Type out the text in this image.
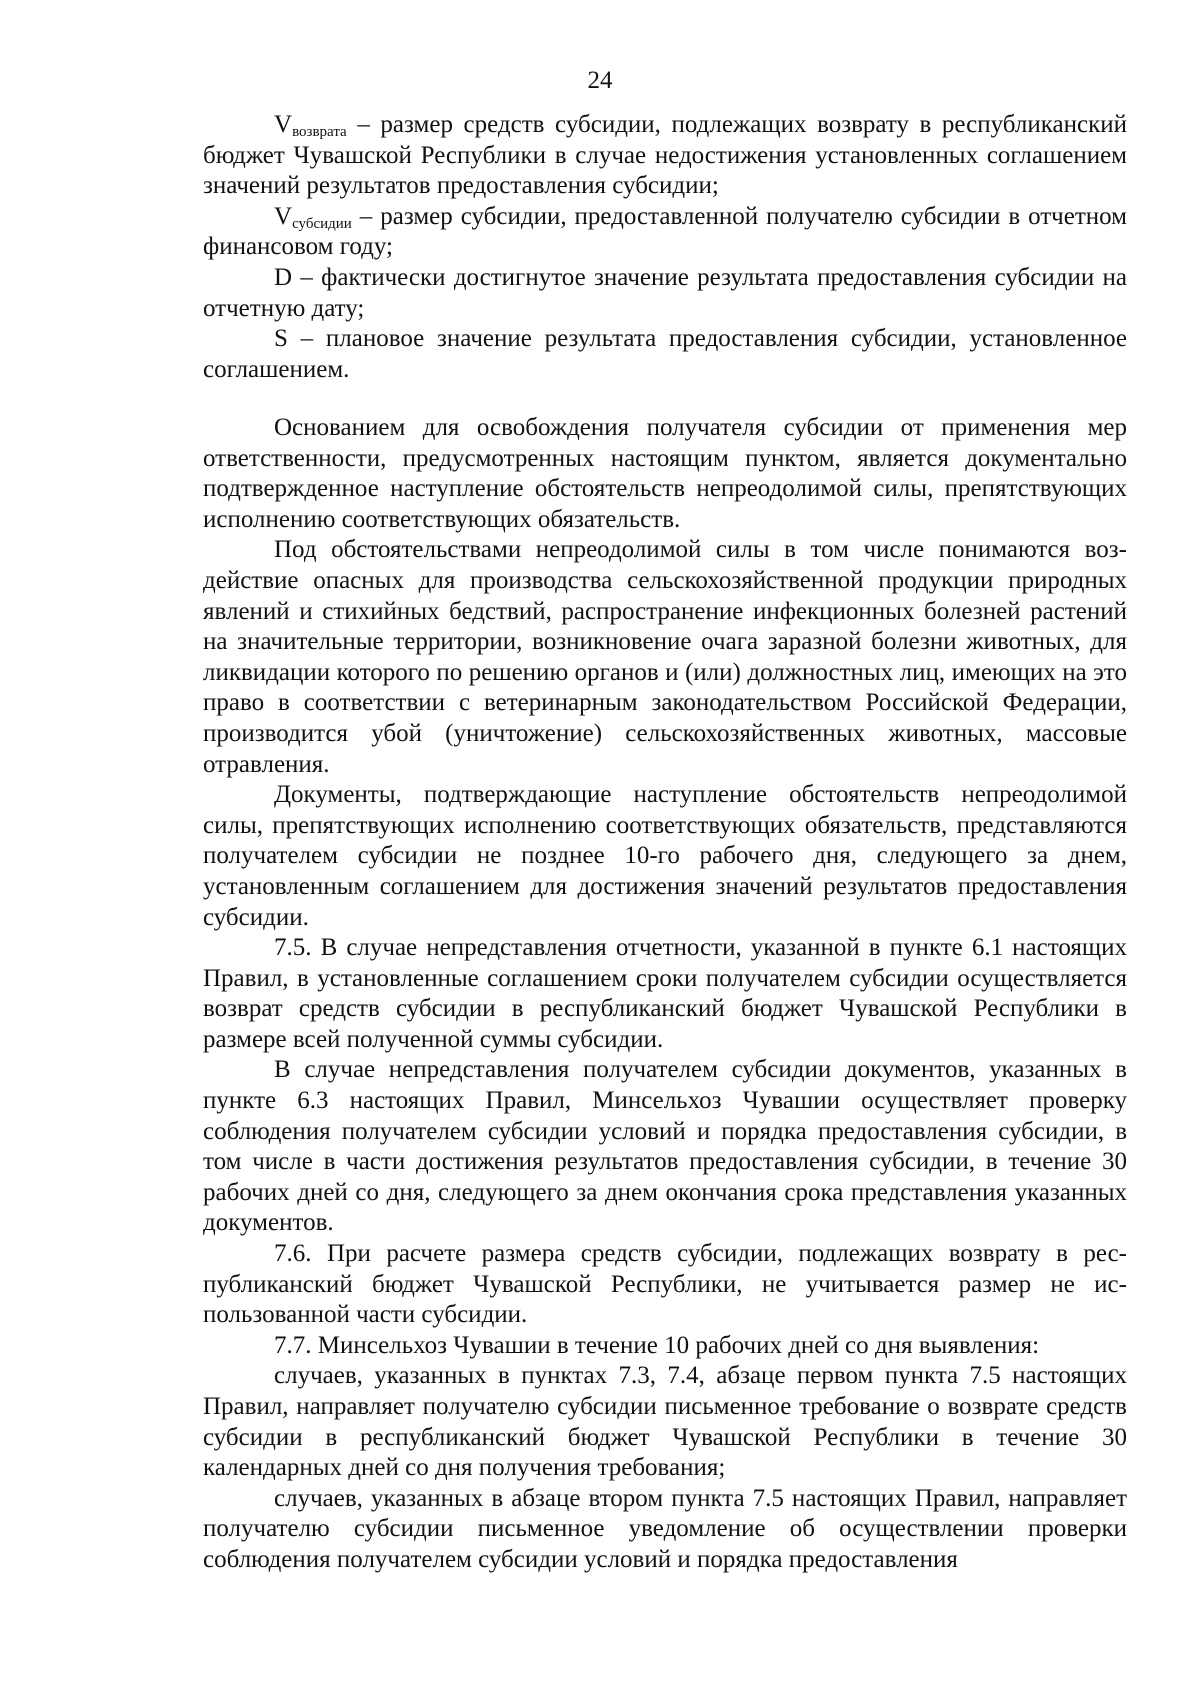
24

$V_{возврата}$ – размер средств субсидии, подлежащих возврату в республиканский бюджет Чувашской Республики в случае недостижения установленных соглашением значений результатов предоставления субсидии;

$V_{субсидии}$ – размер субсидии, предоставленной получателю субсидии в отчетном финансовом году;

D – фактически достигнутое значение результата предоставления субсидии на отчетную дату;

S – плановое значение результата предоставления субсидии, установленное соглашением.

Основанием для освобождения получателя субсидии от применения мер ответственности, предусмотренных настоящим пунктом, является документально подтвержденное наступление обстоятельств непреодолимой силы, препятствующих исполнению соответствующих обязательств.

Под обстоятельствами непреодолимой силы в том числе понимаются воздействие опасных для производства сельскохозяйственной продукции природных явлений и стихийных бедствий, распространение инфекционных болезней растений на значительные территории, возникновение очага заразной болезни животных, для ликвидации которого по решению органов и (или) должностных лиц, имеющих на это право в соответствии с ветеринарным законодательством Российской Федерации, производится убой (уничтожение) сельскохозяйственных животных, массовые отравления.

Документы, подтверждающие наступление обстоятельств непреодолимой силы, препятствующих исполнению соответствующих обязательств, представляются получателем субсидии не позднее 10-го рабочего дня, следующего за днем, установленным соглашением для достижения значений результатов предоставления субсидии.

7.5. В случае непредставления отчетности, указанной в пункте 6.1 настоящих Правил, в установленные соглашением сроки получателем субсидии осуществляется возврат средств субсидии в республиканский бюджет Чувашской Республики в размере всей полученной суммы субсидии.

В случае непредставления получателем субсидии документов, указанных в пункте 6.3 настоящих Правил, Минсельхоз Чувашии осуществляет проверку соблюдения получателем субсидии условий и порядка предоставления субсидии, в том числе в части достижения результатов предоставления субсидии, в течение 30 рабочих дней со дня, следующего за днем окончания срока представления указанных документов.

7.6. При расчете размера средств субсидии, подлежащих возврату в республиканский бюджет Чувашской Республики, не учитывается размер не использованной части субсидии.

7.7. Минсельхоз Чувашии в течение 10 рабочих дней со дня выявления:

случаев, указанных в пунктах 7.3, 7.4, абзаце первом пункта 7.5 настоящих Правил, направляет получателю субсидии письменное требование о возврате средств субсидии в республиканский бюджет Чувашской Республики в течение 30 календарных дней со дня получения требования;

случаев, указанных в абзаце втором пункта 7.5 настоящих Правил, направляет получателю субсидии письменное уведомление об осуществлении проверки соблюдения получателем субсидии условий и порядка предоставления
